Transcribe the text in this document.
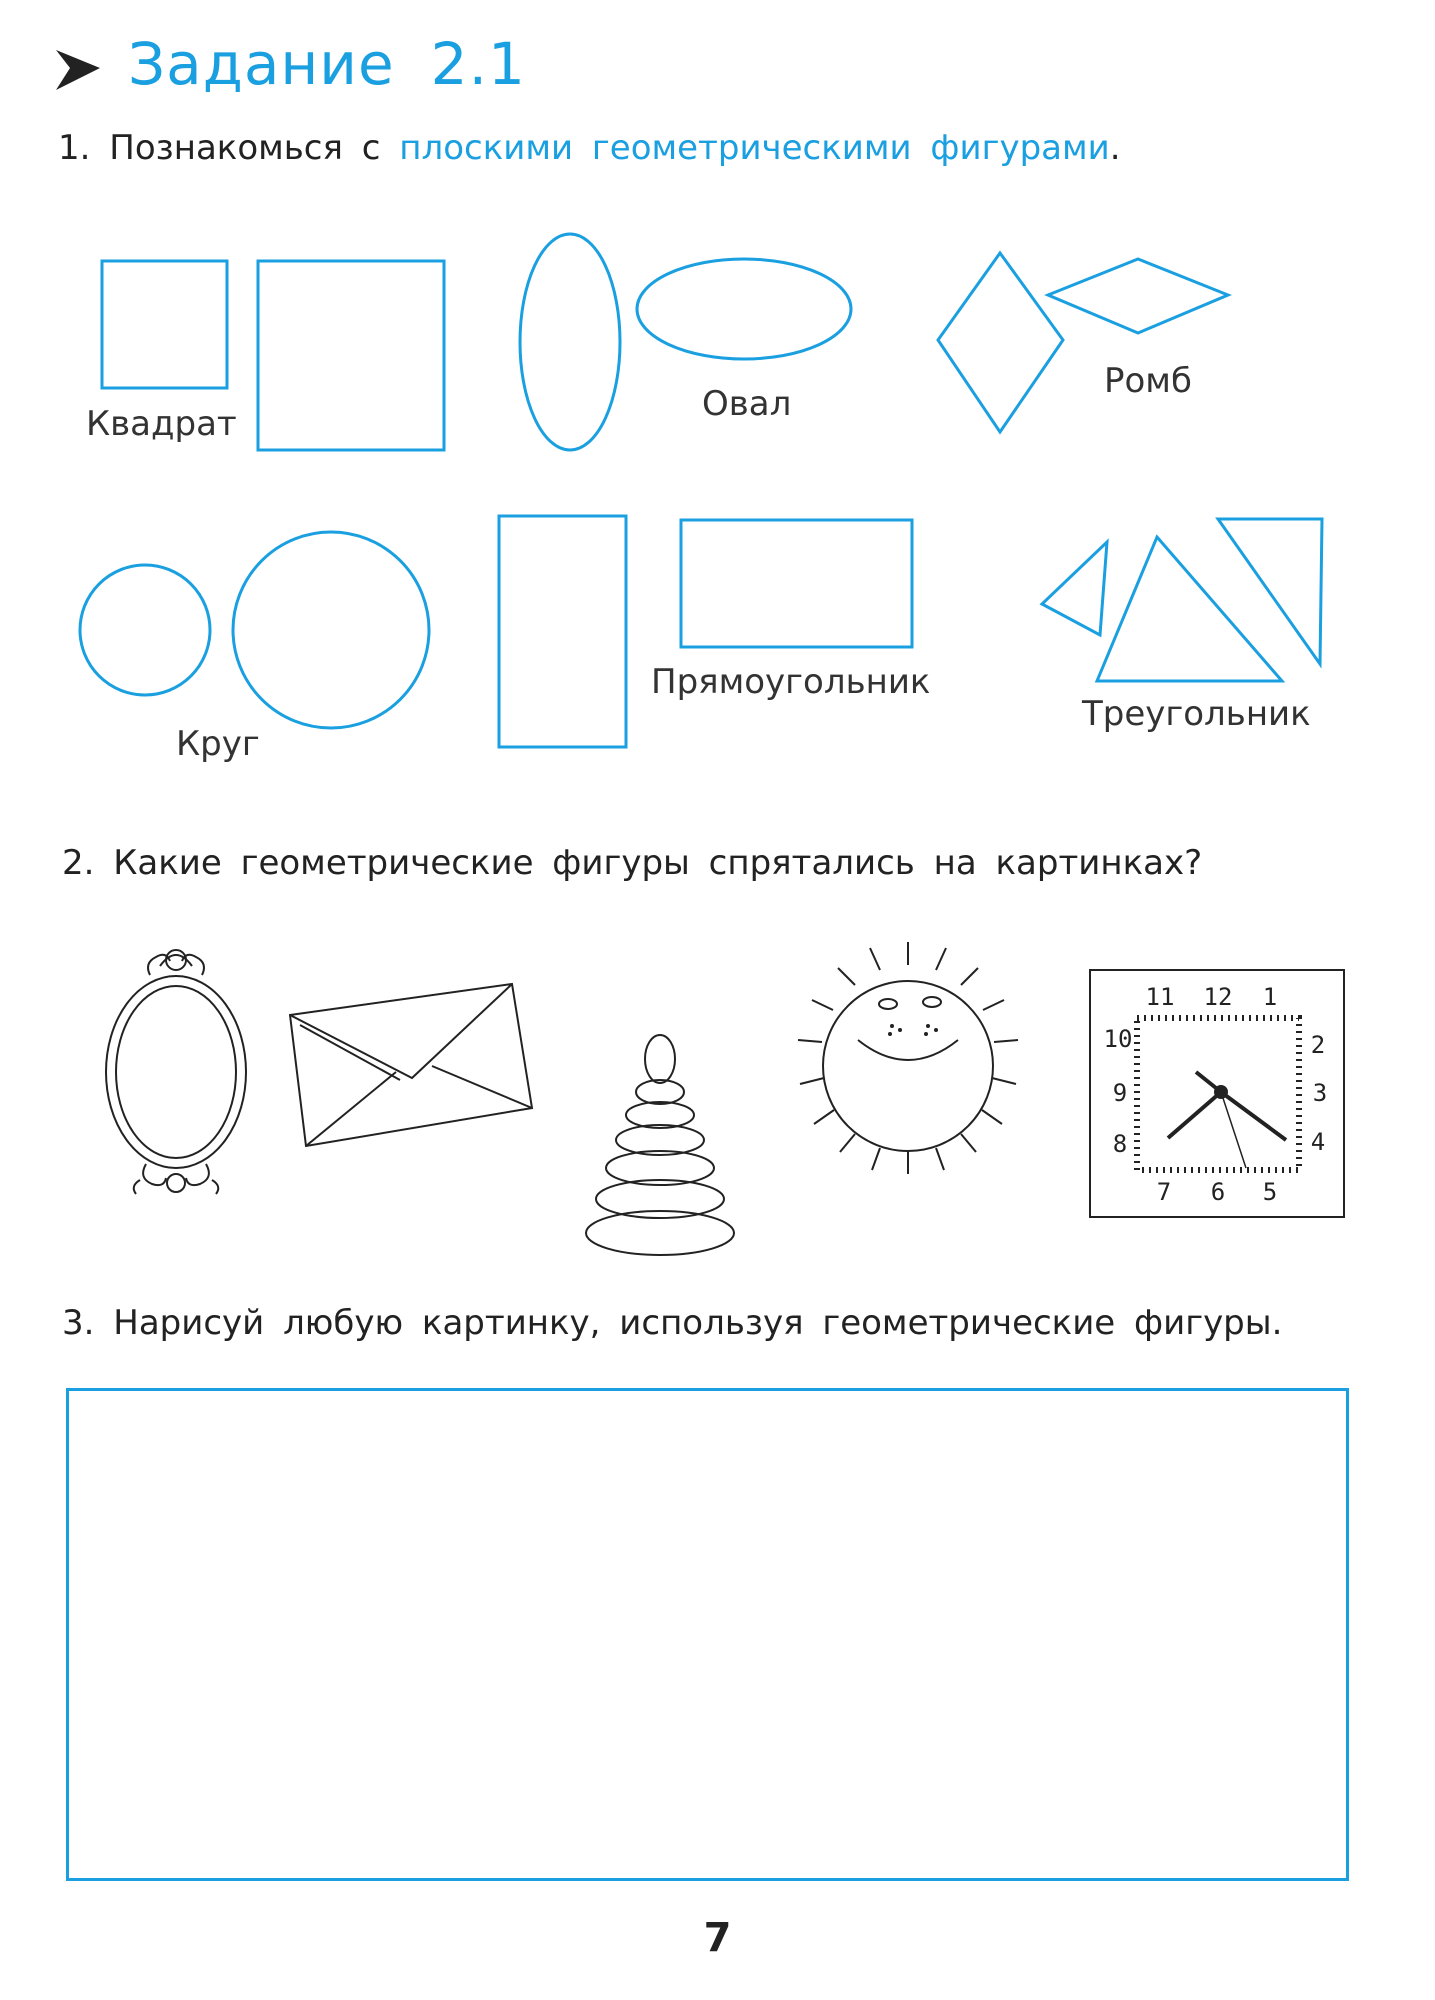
Задание 2.1
1. Познакомься с плоскими геометрическими фигурами.
11 12 1
2
3
4
5
6
7
8
9
10
Квадрат	Овал
Ромб
Круг
Прямоугольник
Треугольник
2. Какие геометрические фигуры спрятались на картинках?
3. Нарисуй любую картинку, используя геометрические фигуры.
7
